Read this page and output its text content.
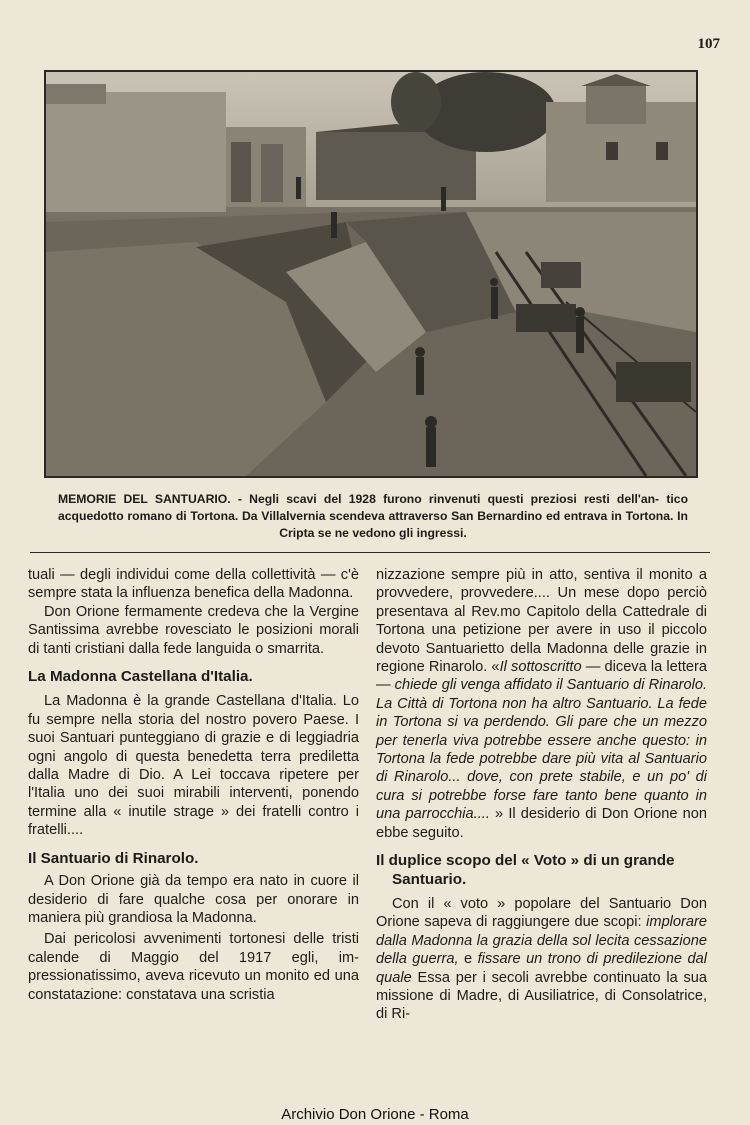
107
MEMORIE DEL SANTUARIO. - Negli scavi del 1928 furono rinvenuti questi preziosi resti dell'an- tico acquedotto romano di Tortona. Da Villalvernia scendeva attraverso San Bernardino ed entrava in Tortona. In Cripta se ne vedono gli ingressi.

tuali — degli individui come della collettività — c'è sempre stata la influenza benefica della Madonna.

Don Orione fermamente credeva che la Vergine Santissima avrebbe rovesciato le posizioni morali di tanti cristiani dalla fede languida o smarrita.

La Madonna Castellana d'Italia.

La Madonna è la grande Castellana d'Italia. Lo fu sempre nella storia del nostro povero Paese. I suoi Santuari punteggiano di grazie e di leggiadria ogni angolo di questa benedetta terra prediletta dalla Madre di Dio. A Lei toccava ripetere per l'Italia uno dei suoi mirabili interventi, ponendo termine alla « inutile strage » dei fratelli contro i fratelli....

Il Santuario di Rinarolo.

A Don Orione già da tempo era nato in cuore il desiderio di fare qualche cosa per onorare in maniera più grandiosa la Madonna.

Dai pericolosi avvenimenti tortonesi delle tristi calende di Maggio del 1917 egli, impressionatissimo, aveva ricevuto un monito ed una constatazione: constatava una scristia

nizzazione sempre più in atto, sentiva il monito a provvedere, provvedere.... Un mese dopo perciò presentava al Rev.mo Capitolo della Cattedrale di Tortona una petizione per avere in uso il piccolo devoto Santuarietto della Madonna delle grazie in regione Rinarolo. «Il sottoscritto — diceva la lettera — chiede gli venga affidato il Santuario di Rinarolo. La Città di Tortona non ha altro Santuario. La fede in Tortona si va perdendo. Gli pare che un mezzo per tenerla viva potrebbe essere anche questo: in Tortona la fede potrebbe dare più vita al Santuario di Rinarolo... dove, con prete stabile, e un po' di cura si potrebbe forse fare tanto bene quanto in una parrocchia.... » Il desiderio di Don Orione non ebbe seguito.

Il duplice scopo del « Voto » di un grande Santuario.

Con il « voto » popolare del Santuario Don Orione sapeva di raggiungere due scopi: implorare dalla Madonna la grazia della sol lecita cessazione della guerra, e fissare un trono di predilezione dal quale Essa per i secoli avrebbe continuato la sua missione di Madre, di Ausiliatrice, di Consolatrice, di Ri-

Archivio Don Orione - Roma
